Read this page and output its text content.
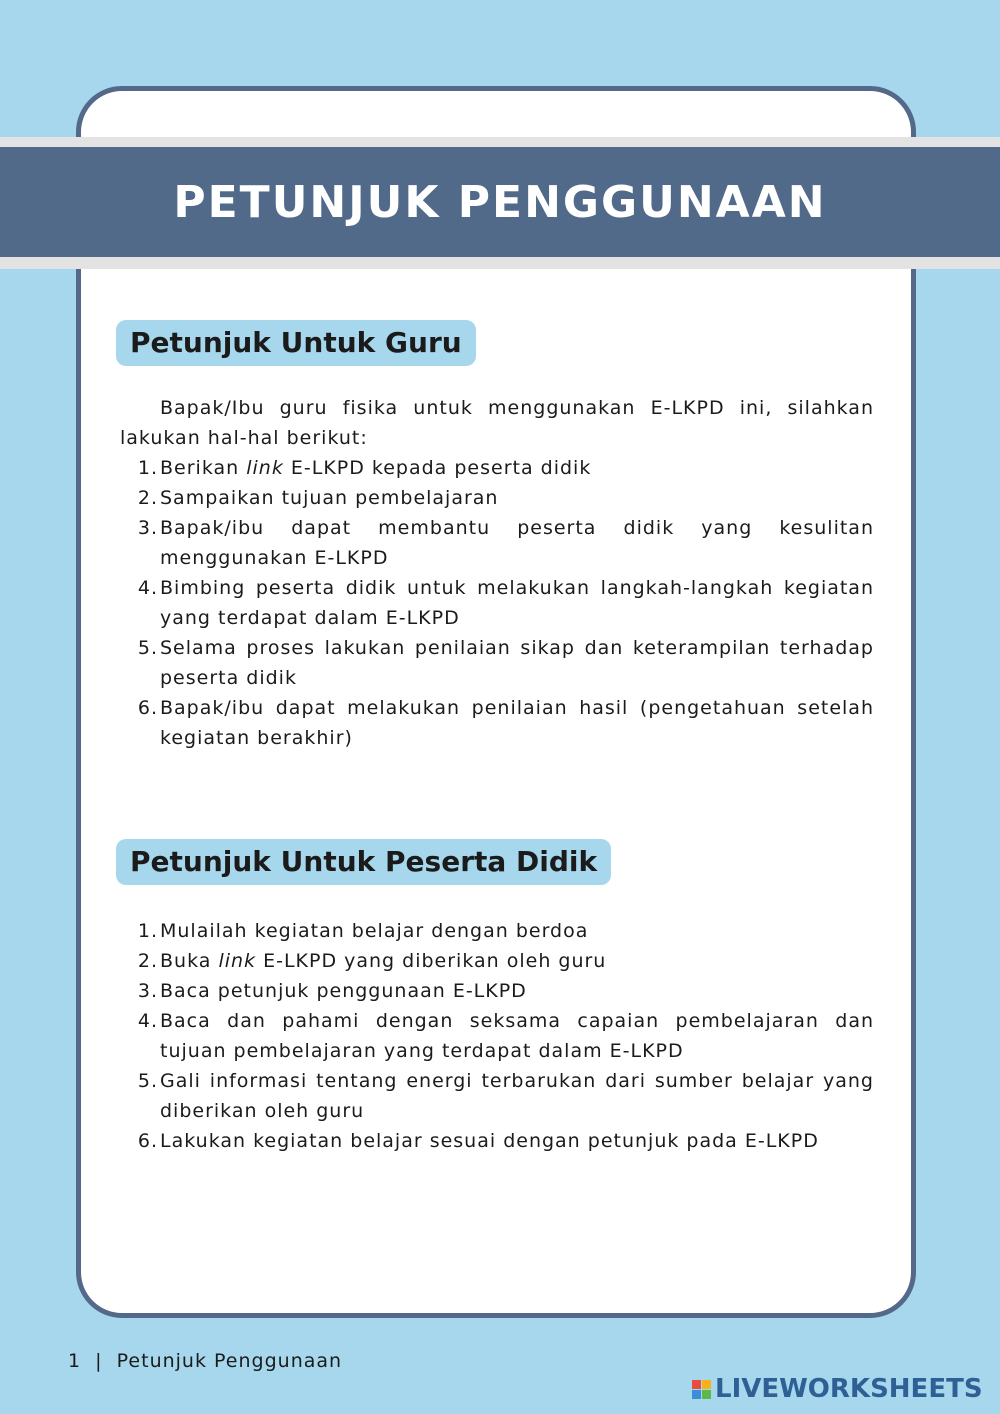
PETUNJUK PENGGUNAAN
Petunjuk Untuk Guru

Bapak/Ibu guru fisika untuk menggunakan E-LKPD ini, silahkan lakukan hal-hal berikut:

1. Berikan link E-LKPD kepada peserta didik
2. Sampaikan tujuan pembelajaran
3. Bapak/ibu dapat membantu peserta didik yang kesulitan menggunakan E-LKPD
4. Bimbing peserta didik untuk melakukan langkah-langkah kegiatan yang terdapat dalam E-LKPD
5. Selama proses lakukan penilaian sikap dan keterampilan terhadap peserta didik
6. Bapak/ibu dapat melakukan penilaian hasil (pengetahuan setelah kegiatan berakhir)
Petunjuk Untuk Peserta Didik
1. Mulailah kegiatan belajar dengan berdoa
2. Buka link E-LKPD yang diberikan oleh guru
3. Baca petunjuk penggunaan E-LKPD
4. Baca dan pahami dengan seksama capaian pembelajaran dan tujuan pembelajaran yang terdapat dalam E-LKPD
5. Gali informasi tentang energi terbarukan dari sumber belajar yang diberikan oleh guru
6. Lakukan kegiatan belajar sesuai dengan petunjuk pada E-LKPD
1  |  Petunjuk Penggunaan
LIVEWORKSHEETS
